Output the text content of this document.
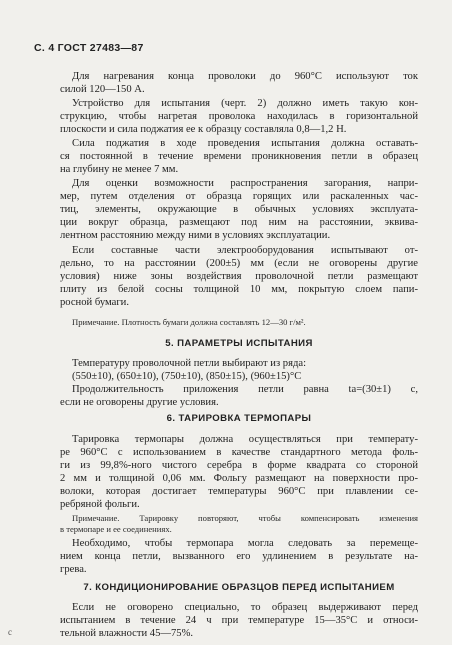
С. 4 ГОСТ 27483—87
Для нагревания конца проволоки до 960°С используют ток
силой 120—150 А.
Устройство для испытания (черт. 2) должно иметь такую кон-
струкцию, чтобы нагретая проволока находилась в горизонтальной
плоскости и сила поджатия ее к образцу составляла 0,8—1,2 Н.
Сила поджатия в ходе проведения испытания должна оставать-
ся постоянной в течение времени проникновения петли в образец
на глубину не менее 7 мм.
Для оценки возможности распространения загорания, напри-
мер, путем отделения от образца горящих или раскаленных час-
тиц, элементы, окружающие в обычных условиях эксплуата-
ции вокруг образца, размещают под ним на расстоянии, эквива-
лентном расстоянию между ними в условиях эксплуатации.
Если составные части электрооборудования испытывают от-
дельно, то на расстоянии (200±5) мм (если не оговорены другие
условия) ниже зоны воздействия проволочной петли размещают
плиту из белой сосны толщиной 10 мм, покрытую слоем папи-
росной бумаги.
Примечание. Плотность бумаги должна составлять 12—30 г/м².
5. ПАРАМЕТРЫ ИСПЫТАНИЯ
Температуру проволочной петли выбирают из ряда:
(550±10), (650±10), (750±10), (850±15), (960±15)°С
Продолжительность приложения петли равна tа=(30±1) с,
если не оговорены другие условия.
6. ТАРИРОВКА ТЕРМОПАРЫ
Тарировка термопары должна осуществляться при температу-
ре 960°С с использованием в качестве стандартного метода фоль-
ги из 99,8%-ного чистого серебра в форме квадрата со стороной
2 мм и толщиной 0,06 мм. Фольгу размещают на поверхности про-
волоки, которая достигает температуры 960°С при плавлении се-
ребряной фольги.
Примечание. Тарировку повторяют, чтобы компенсировать изменения
в термопаре и ее соединениях.
Необходимо, чтобы термопара могла следовать за перемеще-
нием конца петли, вызванного его удлинением в результате на-
грева.
7. КОНДИЦИОНИРОВАНИЕ ОБРАЗЦОВ ПЕРЕД ИСПЫТАНИЕМ
Если не оговорено специально, то образец выдерживают перед
испытанием в течение 24 ч при температуре 15—35°С и относи-
тельной влажности 45—75%.
с
